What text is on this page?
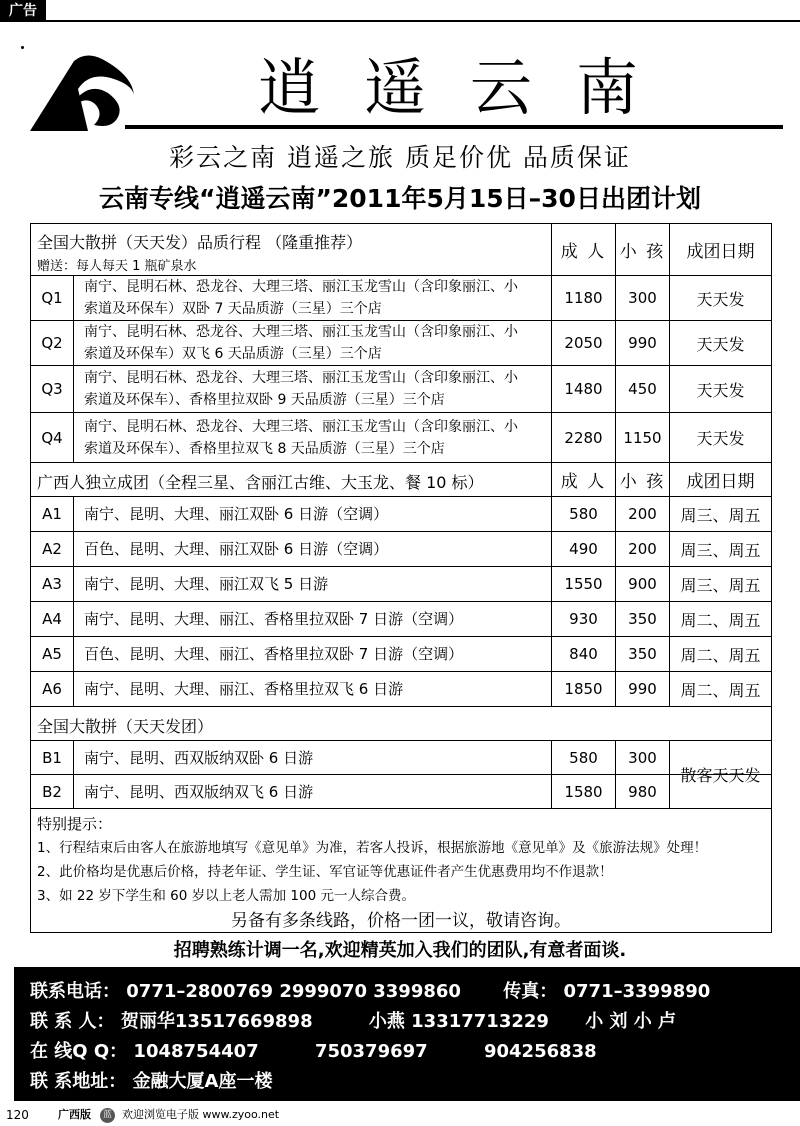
广告
逍遥云南
彩云之南 逍遥之旅 质足价优 品质保证
云南专线“逍遥云南”2011年5月15日–30日出团计划
全国大散拼（天天发）品质行程 （隆重推荐）
赠送：每人每天 1 瓶矿泉水
成 人 小 孩	成团日期
Q1
南宁、昆明石林、恐龙谷、大理三塔、丽江玉龙雪山（含印象丽江、小
索道及环保车）双卧 7 天品质游（三星）三个店
1180	300	天天发
Q2
南宁、昆明石林、恐龙谷、大理三塔、丽江玉龙雪山（含印象丽江、小
索道及环保车）双飞 6 天品质游（三星）三个店
2050	990	天天发
Q3
南宁、昆明石林、恐龙谷、大理三塔、丽江玉龙雪山（含印象丽江、小
索道及环保车）、香格里拉双卧 9 天品质游（三星）三个店
1480	450	天天发
Q4
南宁、昆明石林、恐龙谷、大理三塔、丽江玉龙雪山（含印象丽江、小
索道及环保车）、香格里拉双飞 8 天品质游（三星）三个店
2280	1150	天天发
广西人独立成团（全程三星、含丽江古维、大玉龙、餐 10 标）	成 人 小 孩	成团日期
A1	南宁、昆明、大理、丽江双卧 6 日游（空调）	580	200	周三、周五
A2	百色、昆明、大理、丽江双卧 6 日游（空调）	490	200	周三、周五
A3	南宁、昆明、大理、丽江双飞 5 日游	1550	900	周三、周五
A4	南宁、昆明、大理、丽江、香格里拉双卧 7 日游（空调）	930	350	周二、周五
A5	百色、昆明、大理、丽江、香格里拉双卧 7 日游（空调）	840	350	周二、周五
A6	南宁、昆明、大理、丽江、香格里拉双飞 6 日游	1850	990	周二、周五
全国大散拼（天天发团）
B1	南宁、昆明、西双版纳双卧 6 日游	580	300
B2	南宁、昆明、西双版纳双飞 6 日游	1580	980
散客天天发
特别提示：
1、行程结束后由客人在旅游地填写《意见单》为准，若客人投诉，根据旅游地《意见单》及《旅游法规》处理！
2、此价格均是优惠后价格，持老年证、学生证、军官证等优惠证件者产生优惠费用均不作退款！
3、如 22 岁下学生和 60 岁以上老人需加 100 元一人综合费。
另备有多条线路，价格一团一议，敬请咨询。
招聘熟练计调一名,欢迎精英加入我们的团队,有意者面谈.
联系电话： 0771–2800769 2999070 3399860 传真： 0771–3399890
联 系 人： 贺丽华13517669898	小燕 13317713229 小 刘 小 卢
在 线Q Q： 1048754407	750379697	904256838
联 系地址： 金融大厦A座一楼
120	广西版	蓝 欢迎浏览电子版 www.zyoo.net
